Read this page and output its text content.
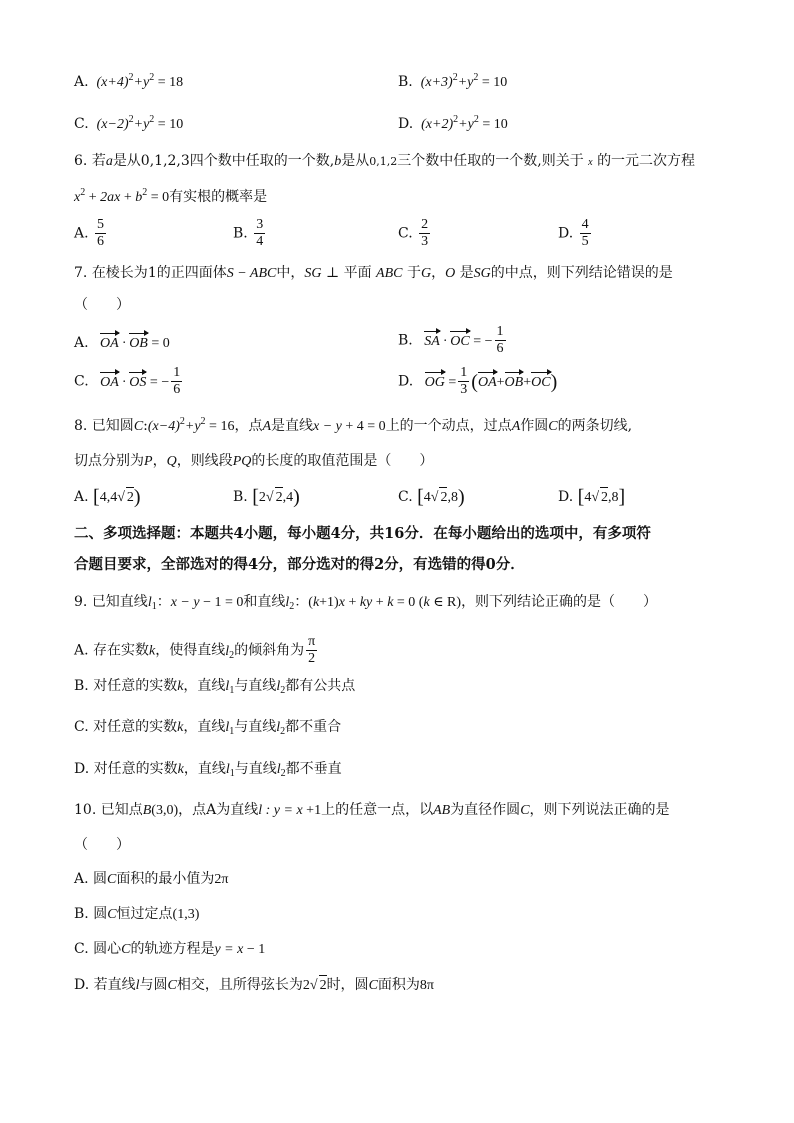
A.  $(x+4)^2+y^2 = 18$	B.  $(x+3)^2+y^2 = 10$
C.  $(x-2)^2+y^2 = 10$	D.  $(x+2)^2+y^2 = 10$
6. 若a是从0,1,2,3四个数中任取的一个数,b是从0,1,2三个数中任取的一个数,则关于 x 的一元二次方程
$x^2 + 2ax + b^2 = 0$有实根的概率是
A. $\frac{5}{6}$	B. $\frac{3}{4}$	C. $\frac{2}{3}$	D. $\frac{4}{5}$
7. 在棱长为1的正四面体S − ABC中，SG ⊥ 平面 ABC 于G，O 是SG的中点，则下列结论错误的是
（　　）
A. OA · OB = 0	B. SA · OC = − $\frac{1}{6}$
C. OA · OS = − $\frac{1}{6}$	D. OG = $\frac{1}{3} (OA+OB+OC)$
8. 已知圆$C:(x-4)^2+y^2 = 16$，点A是直线x − y + 4 = 0上的一个动点，过点A作圆C的两条切线,
切点分别为P，Q，则线段PQ的长度的取值范围是（　　）
A. [4,4√ 2)	B. [2√ 2,4)	C. [4√ 2,8)	D. [4√ 2,8]
二、多项选择题：本题共4小题，每小题4分，共16分．在每小题给出的选项中，有多项符
合题目要求，全部选对的得4分，部分选对的得2分，有选错的得0分．
9. 已知直线$l_1$：x − y − 1 = 0和直线$l_2$：(k+1)x + ky + k = 0 (k ∈ R)，则下列结论正确的是（　　）
A. 存在实数k，使得直线$l_2$的倾斜角为 $\frac{\pi}{2}$
B. 对任意的实数k，直线$l_1$与直线$l_2$都有公共点
C. 对任意的实数k，直线$l_1$与直线$l_2$都不重合
D. 对任意的实数k，直线$l_1$与直线$l_2$都不垂直
10. 已知点B(3,0)，点A为直线l : y = x +1上的任意一点，以AB为直径作圆C，则下列说法正确的是
（　　）
A. 圆C面积的最小值为2π
B. 圆C恒过定点(1,3)
C. 圆心C的轨迹方程是y = x − 1
D. 若直线l与圆C相交，且所得弦长为2√ 2时，圆C面积为8π
